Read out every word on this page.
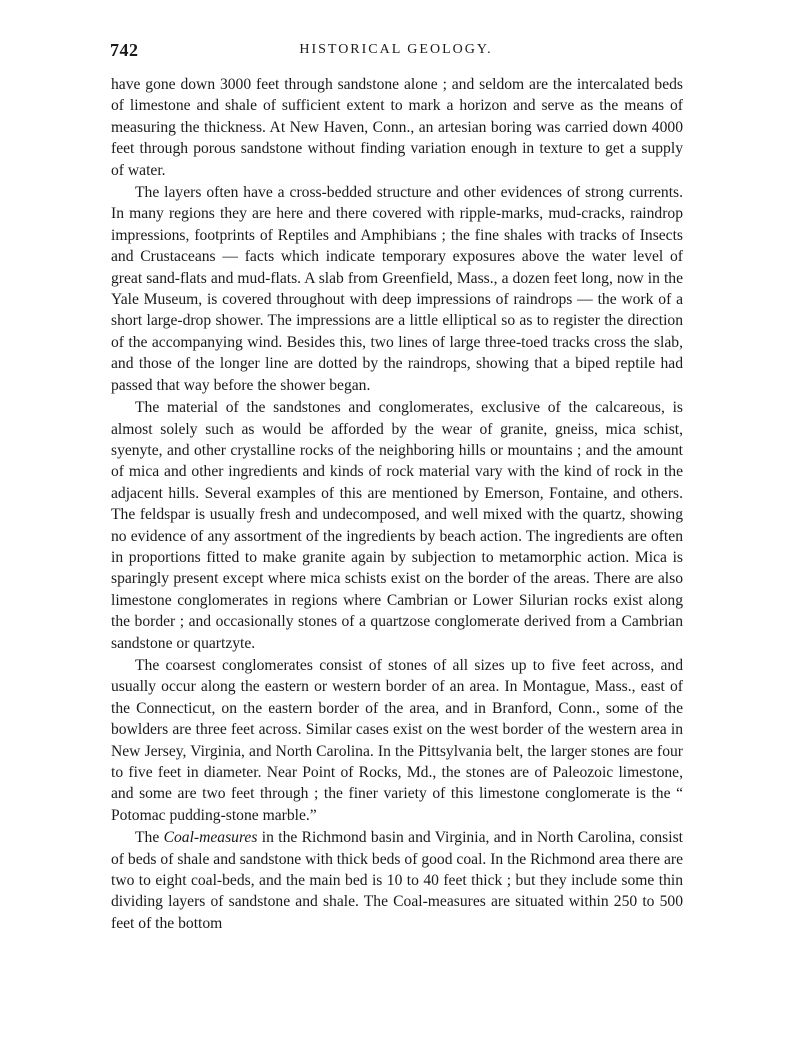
742	HISTORICAL GEOLOGY.

have gone down 3000 feet through sandstone alone ; and seldom are the intercalated beds of limestone and shale of sufficient extent to mark a horizon and serve as the means of measuring the thickness. At New Haven, Conn., an artesian boring was carried down 4000 feet through porous sandstone without finding variation enough in texture to get a supply of water.

The layers often have a cross-bedded structure and other evidences of strong currents. In many regions they are here and there covered with ripple-marks, mud-cracks, raindrop impressions, footprints of Reptiles and Amphibians ; the fine shales with tracks of Insects and Crustaceans — facts which indicate temporary exposures above the water level of great sand-flats and mud-flats. A slab from Greenfield, Mass., a dozen feet long, now in the Yale Museum, is covered throughout with deep impressions of raindrops — the work of a short large-drop shower. The impressions are a little elliptical so as to register the direction of the accompanying wind. Besides this, two lines of large three-toed tracks cross the slab, and those of the longer line are dotted by the raindrops, showing that a biped reptile had passed that way before the shower began.

The material of the sandstones and conglomerates, exclusive of the calcareous, is almost solely such as would be afforded by the wear of granite, gneiss, mica schist, syenyte, and other crystalline rocks of the neighboring hills or mountains ; and the amount of mica and other ingredients and kinds of rock material vary with the kind of rock in the adjacent hills. Several examples of this are mentioned by Emerson, Fontaine, and others. The feldspar is usually fresh and undecomposed, and well mixed with the quartz, showing no evidence of any assortment of the ingredients by beach action. The ingredients are often in proportions fitted to make granite again by subjection to metamorphic action. Mica is sparingly present except where mica schists exist on the border of the areas. There are also limestone conglomerates in regions where Cambrian or Lower Silurian rocks exist along the border ; and occasionally stones of a quartzose conglomerate derived from a Cambrian sandstone or quartzyte.

The coarsest conglomerates consist of stones of all sizes up to five feet across, and usually occur along the eastern or western border of an area. In Montague, Mass., east of the Connecticut, on the eastern border of the area, and in Branford, Conn., some of the bowlders are three feet across. Similar cases exist on the west border of the western area in New Jersey, Virginia, and North Carolina. In the Pittsylvania belt, the larger stones are four to five feet in diameter. Near Point of Rocks, Md., the stones are of Paleozoic limestone, and some are two feet through ; the finer variety of this limestone conglomerate is the “ Potomac pudding-stone marble.”

The Coal-measures in the Richmond basin and Virginia, and in North Carolina, consist of beds of shale and sandstone with thick beds of good coal. In the Richmond area there are two to eight coal-beds, and the main bed is 10 to 40 feet thick ; but they include some thin dividing layers of sandstone and shale. The Coal-measures are situated within 250 to 500 feet of the bottom
